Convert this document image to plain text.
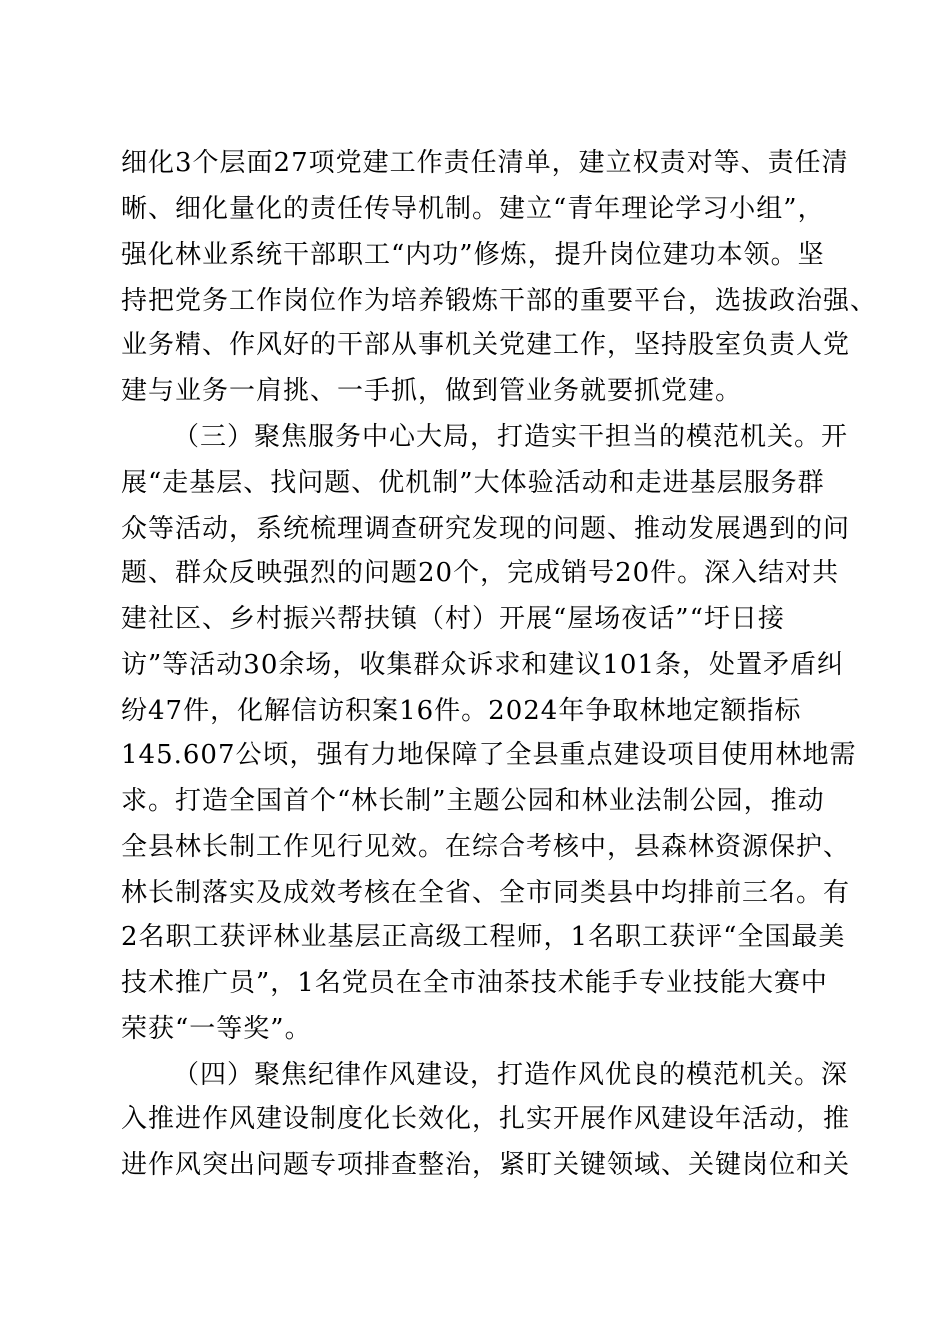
细化3个层面27项党建工作责任清单，建立权责对等、责任清
晰、细化量化的责任传导机制。建立“青年理论学习小组”，
强化林业系统干部职工“内功”修炼，提升岗位建功本领。坚
持把党务工作岗位作为培养锻炼干部的重要平台，选拔政治强、
业务精、作风好的干部从事机关党建工作，坚持股室负责人党
建与业务一肩挑、一手抓，做到管业务就要抓党建。
（三）聚焦服务中心大局，打造实干担当的模范机关。开
展“走基层、找问题、优机制”大体验活动和走进基层服务群
众等活动，系统梳理调查研究发现的问题、推动发展遇到的问
题、群众反映强烈的问题20个，完成销号20件。深入结对共
建社区、乡村振兴帮扶镇（村）开展“屋场夜话”“圩日接
访”等活动30余场，收集群众诉求和建议101条，处置矛盾纠
纷47件，化解信访积案16件。2024年争取林地定额指标
145.607公顷，强有力地保障了全县重点建设项目使用林地需
求。打造全国首个“林长制”主题公园和林业法制公园，推动
全县林长制工作见行见效。在综合考核中，县森林资源保护、
林长制落实及成效考核在全省、全市同类县中均排前三名。有
2名职工获评林业基层正高级工程师，1名职工获评“全国最美
技术推广员”，1名党员在全市油茶技术能手专业技能大赛中
荣获“一等奖”。
（四）聚焦纪律作风建设，打造作风优良的模范机关。深
入推进作风建设制度化长效化，扎实开展作风建设年活动，推
进作风突出问题专项排查整治，紧盯关键领域、关键岗位和关
